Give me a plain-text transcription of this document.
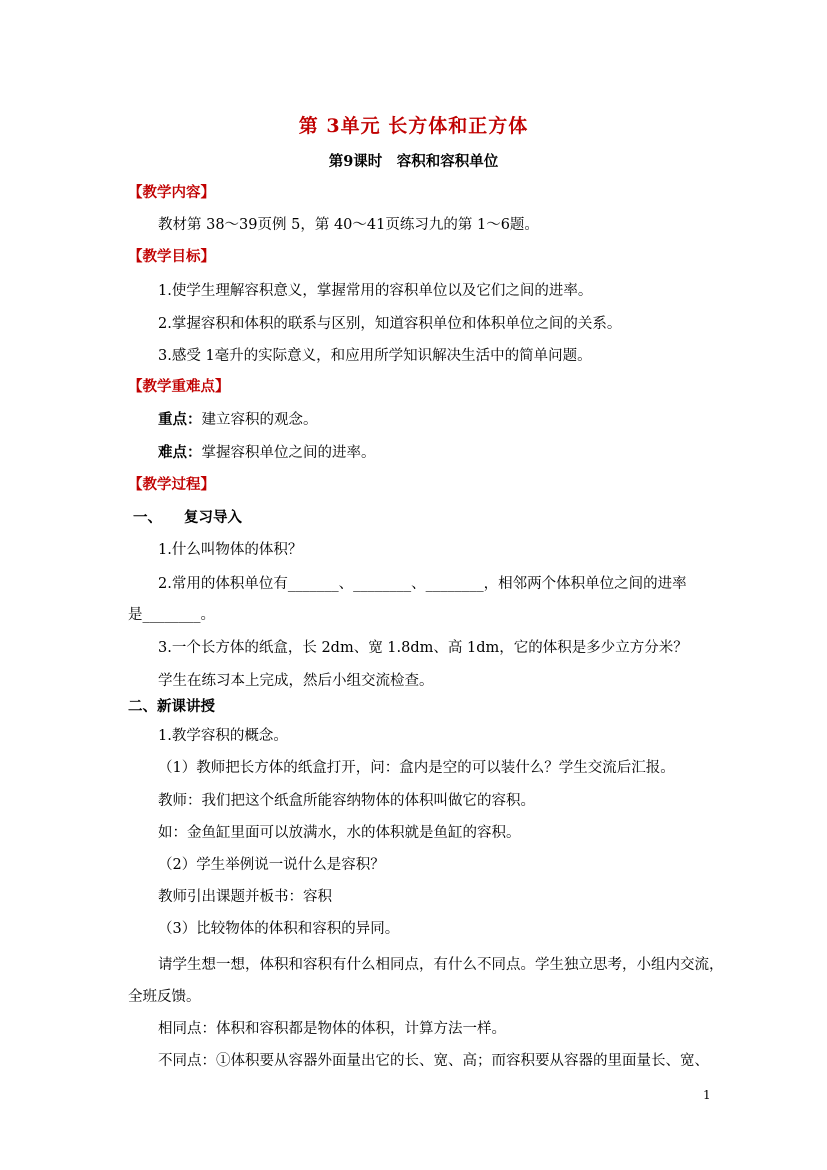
第 3单元 长方体和正方体
第9课时　容积和容积单位
【教学内容】
教材第 38～39页例 5，第 40～41页练习九的第 1～6题。
【教学目标】
1.使学生理解容积意义，掌握常用的容积单位以及它们之间的进率。
2.掌握容积和体积的联系与区别，知道容积单位和体积单位之间的关系。
3.感受 1毫升的实际意义，和应用所学知识解决生活中的简单问题。
【教学重难点】
重点：建立容积的观念。
难点：掌握容积单位之间的进率。
【教学过程】
一、 复习导入
1.什么叫物体的体积？
2.常用的体积单位有_______、________、________，相邻两个体积单位之间的进率
是________。
3.一个长方体的纸盒，长 2dm、宽 1.8dm、高 1dm，它的体积是多少立方分米？
学生在练习本上完成，然后小组交流检查。
二、新课讲授
1.教学容积的概念。
（1）教师把长方体的纸盒打开，问：盒内是空的可以装什么？学生交流后汇报。
教师：我们把这个纸盒所能容纳物体的体积叫做它的容积。
如：金鱼缸里面可以放满水，水的体积就是鱼缸的容积。
（2）学生举例说一说什么是容积？
教师引出课题并板书：容积
（3）比较物体的体积和容积的异同。
请学生想一想，体积和容积有什么相同点，有什么不同点。学生独立思考，小组内交流，
全班反馈。
相同点：体积和容积都是物体的体积，计算方法一样。
不同点：①体积要从容器外面量出它的长、宽、高；而容积要从容器的里面量长、宽、
1
